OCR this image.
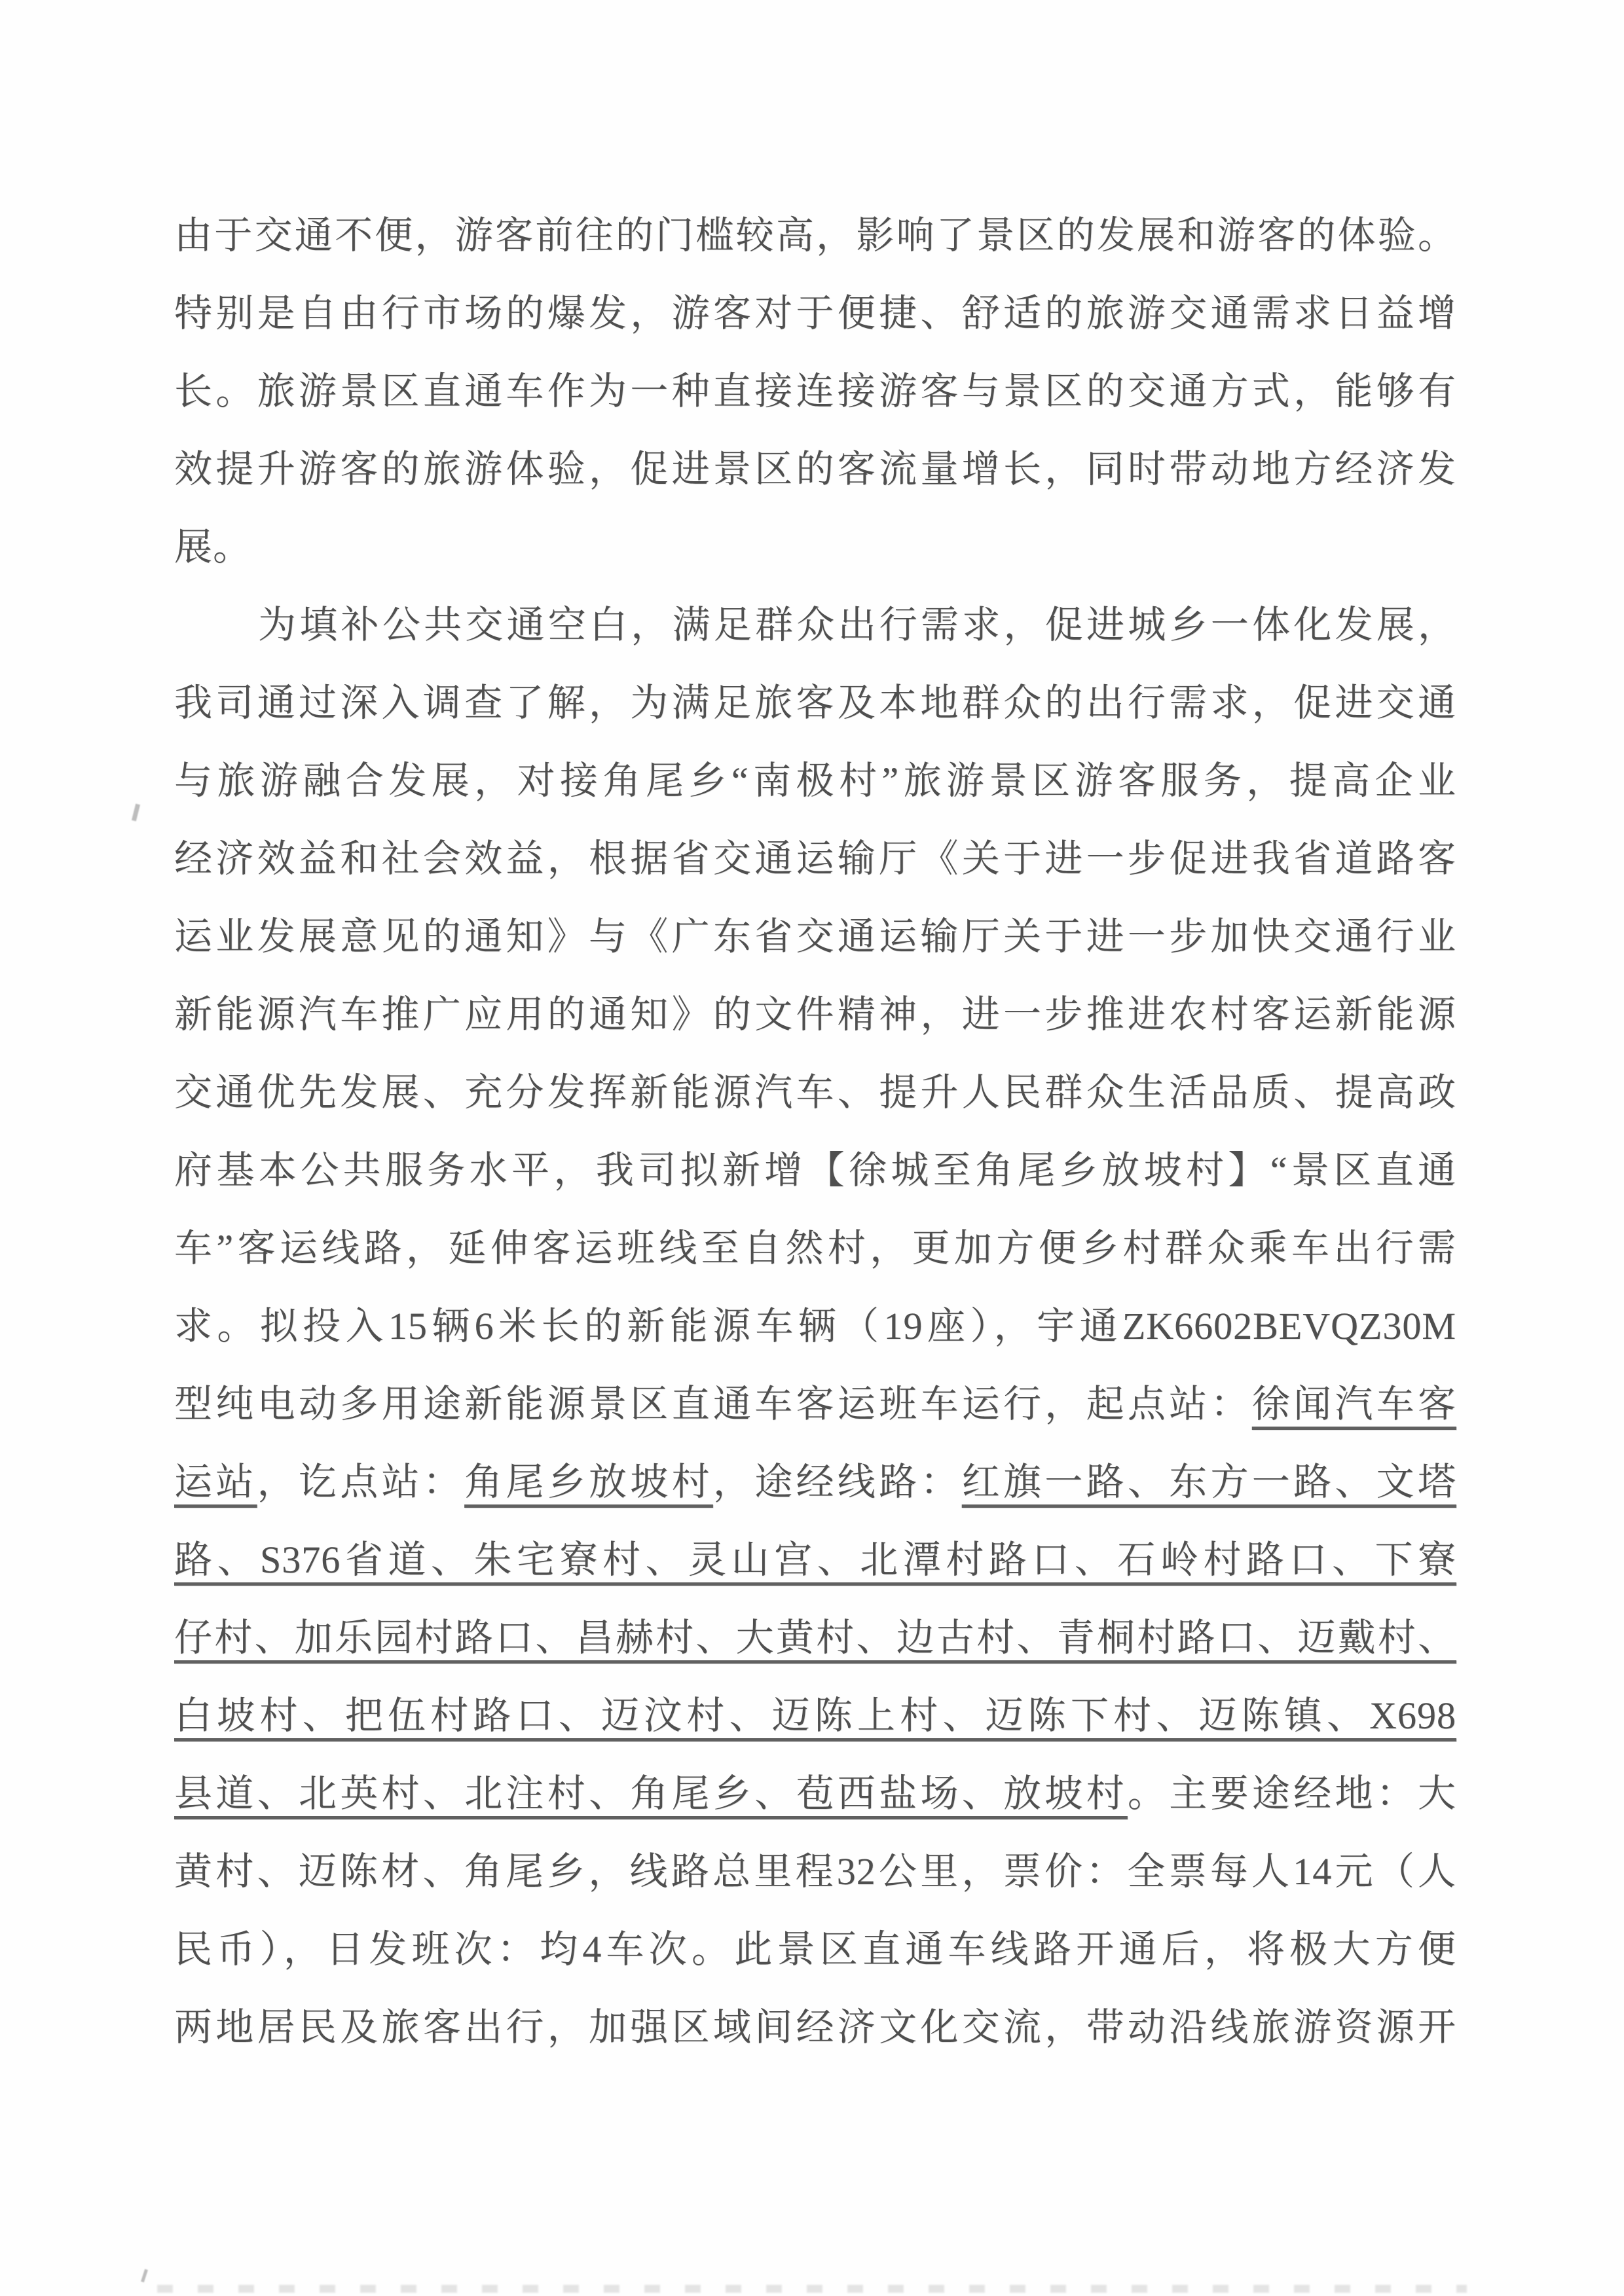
由于交通不便，游客前往的门槛较高，影响了景区的发展和游客的体验。
特别是自由行市场的爆发，游客对于便捷、舒适的旅游交通需求日益增
长。旅游景区直通车作为一种直接连接游客与景区的交通方式，能够有
效提升游客的旅游体验，促进景区的客流量增长，同时带动地方经济发
展。
为填补公共交通空白，满足群众出行需求，促进城乡一体化发展，
我司通过深入调查了解，为满足旅客及本地群众的出行需求，促进交通
与旅游融合发展，对接角尾乡“南极村”旅游景区游客服务，提高企业
经济效益和社会效益，根据省交通运输厅《关于进一步促进我省道路客
运业发展意见的通知》与《广东省交通运输厅关于进一步加快交通行业
新能源汽车推广应用的通知》的文件精神，进一步推进农村客运新能源
交通优先发展、充分发挥新能源汽车、提升人民群众生活品质、提高政
府基本公共服务水平，我司拟新增【徐城至角尾乡放坡村】“景区直通
车”客运线路，延伸客运班线至自然村，更加方便乡村群众乘车出行需
求。拟投入15辆6米长的新能源车辆（19座），宇通ZK6602BEVQZ30M
型纯电动多用途新能源景区直通车客运班车运行，起点站：徐闻汽车客
运站，讫点站：角尾乡放坡村，途经线路：红旗一路、东方一路、文塔
路、S376省道、朱宅寮村、灵山宫、北潭村路口、石岭村路口、下寮
仔村、加乐园村路口、昌赫村、大黄村、边古村、青桐村路口、迈戴村、
白坡村、把伍村路口、迈汶村、迈陈上村、迈陈下村、迈陈镇、X698
县道、北英村、北注村、角尾乡、苞西盐场、放坡村。主要途经地：大
黄村、迈陈材、角尾乡，线路总里程32公里，票价：全票每人14元（人
民币），日发班次：均4车次。此景区直通车线路开通后，将极大方便
两地居民及旅客出行，加强区域间经济文化交流，带动沿线旅游资源开
